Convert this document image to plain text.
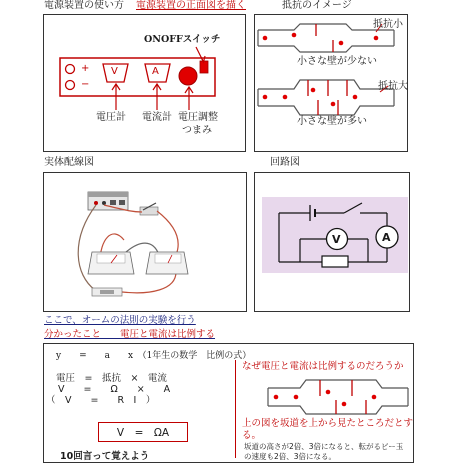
電源装置の使い方 電源装置の正面図を描く
ONOFFスイッチ
+
−
V	A
電圧計 電流計 電圧調整
つまみ
抵抗のイメージ
抵抗小
小さな壁が少ない
抵抗大
小さな壁が多い
実体配線図	回路図
V	A
ここで、オームの法則の実験を行う
分かったこと　　電圧と電流は比例する
y　　=　　a　　x　（1年生の数学　比例の式）
電圧　=　抵抗　×　電流
V　　=　　Ω　　×　　A
（　V　　=　　R　I　）
V　=　ΩA
10回言って覚えよう
なぜ電圧と電流は比例するのだろうか
上の図を坂道を上から見たところだとす
る。
坂道の高さが2倍、3倍になると、転がるビー玉
の速度も2倍、3倍になる。
